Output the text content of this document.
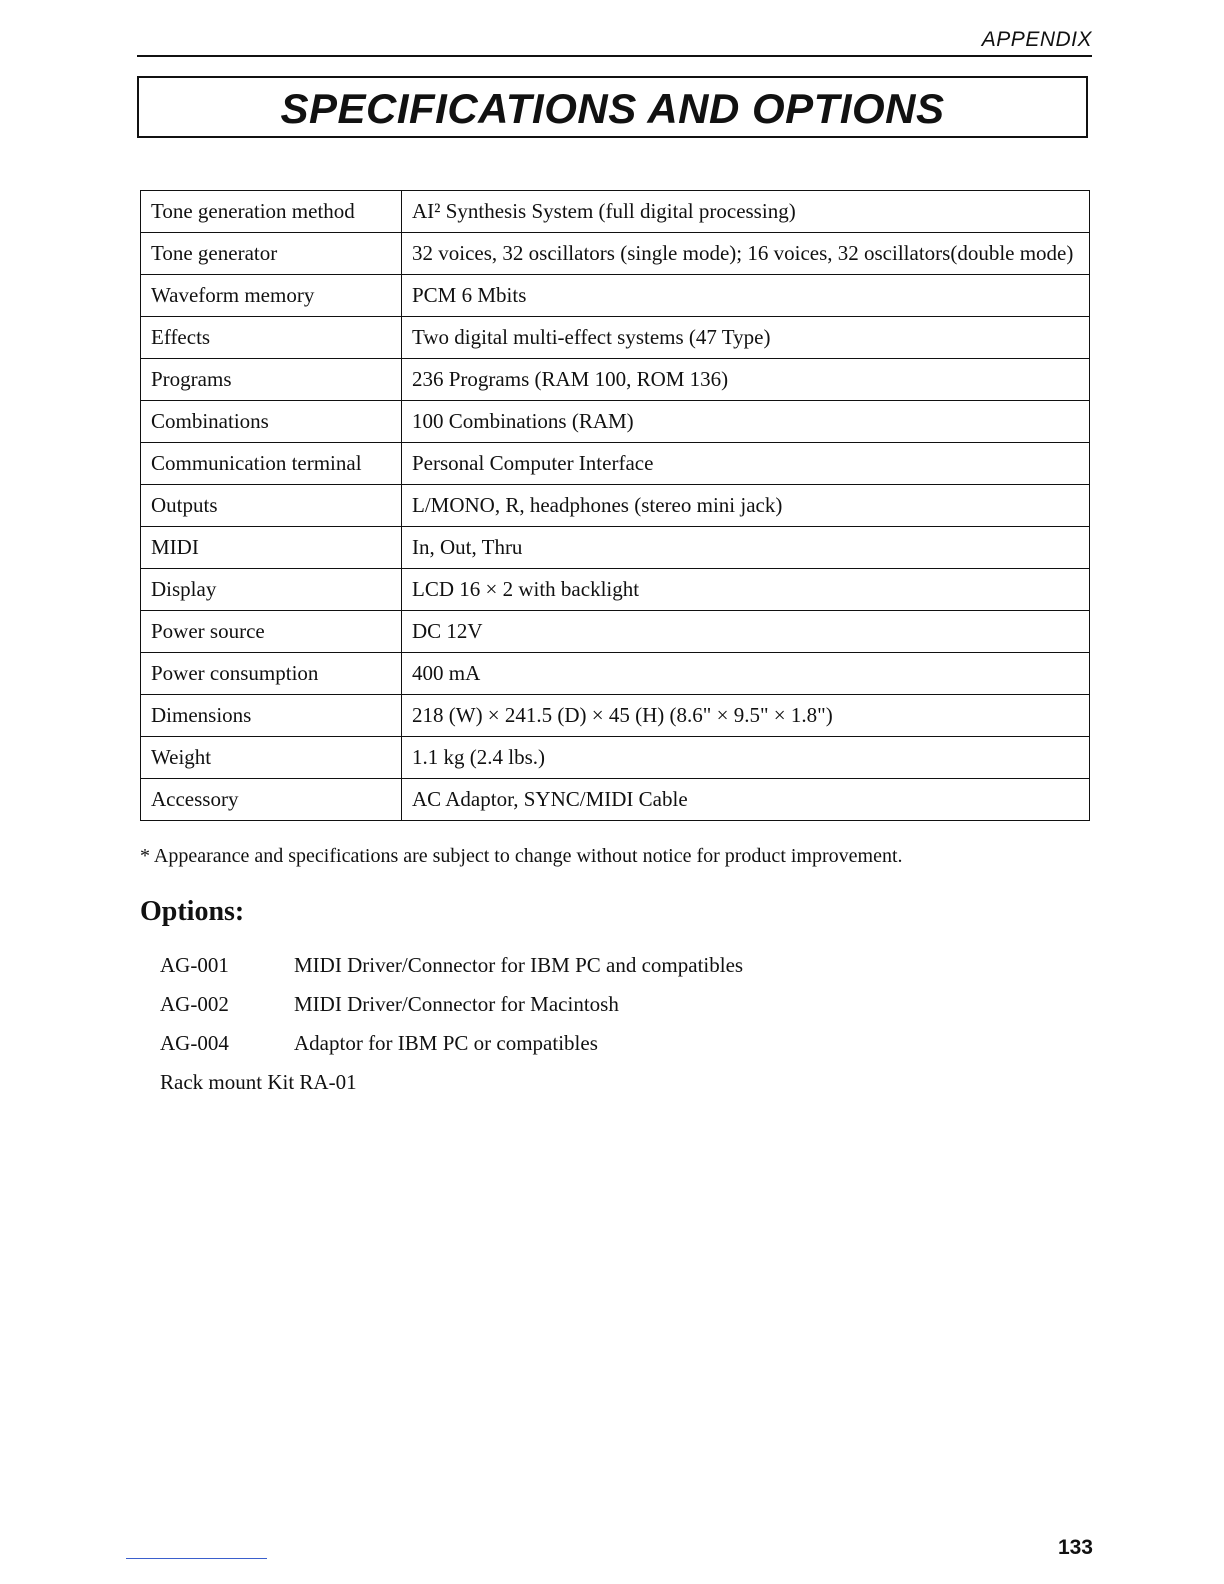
APPENDIX
SPECIFICATIONS AND OPTIONS
Tone generation method	AI² Synthesis System (full digital processing)
Tone generator	32 voices, 32 oscillators (single mode); 16 voices, 32 oscillators(double mode)
Waveform memory	PCM 6 Mbits
Effects	Two digital multi-effect systems (47 Type)
Programs	236 Programs (RAM 100, ROM 136)
Combinations	100 Combinations (RAM)
Communication terminal	Personal Computer Interface
Outputs	L/MONO, R, headphones (stereo mini jack)
MIDI	In, Out, Thru
Display	LCD 16 × 2 with backlight
Power source	DC 12V
Power consumption	400 mA
Dimensions	218 (W) × 241.5 (D) × 45 (H) (8.6" × 9.5" × 1.8")
Weight	1.1 kg (2.4 lbs.)
Accessory	AC Adaptor, SYNC/MIDI Cable
* Appearance and specifications are subject to change without notice for product improvement.
Options:
AG-001	MIDI Driver/Connector for IBM PC and compatibles
AG-002	MIDI Driver/Connector for Macintosh
AG-004	Adaptor for IBM PC or compatibles
Rack mount Kit RA-01
133
